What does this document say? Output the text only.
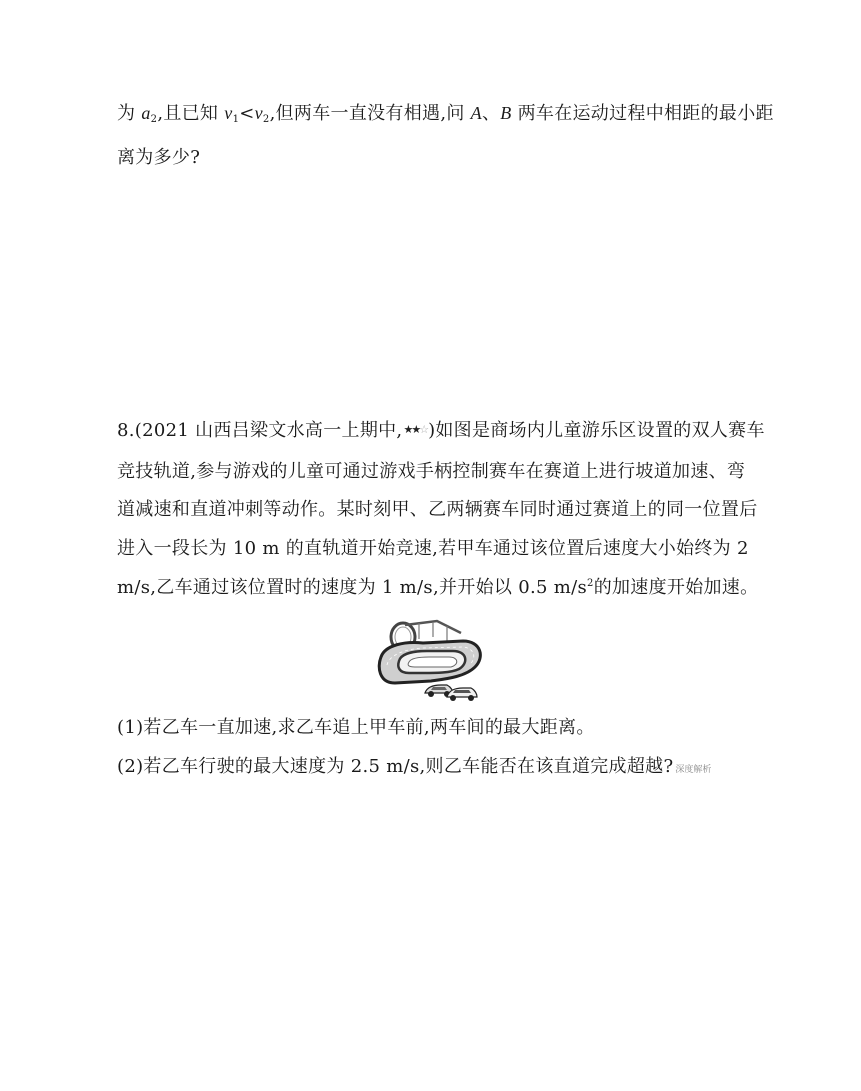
为 $a_2$,且已知 $v_1<v_2$,但两车一直没有相遇,问 A、B 两车在运动过程中相距的最小距
离为多少?
8.(2021 山西吕梁文水高一上期中,★★☆)如图是商场内儿童游乐区设置的双人赛车
竞技轨道,参与游戏的儿童可通过游戏手柄控制赛车在赛道上进行坡道加速、弯
道减速和直道冲刺等动作。某时刻甲、乙两辆赛车同时通过赛道上的同一位置后
进入一段长为 10 m 的直轨道开始竞速,若甲车通过该位置后速度大小始终为 2
m/s,乙车通过该位置时的速度为 1 m/s,并开始以 0.5 $m/s^2$的加速度开始加速。
(1)若乙车一直加速,求乙车追上甲车前,两车间的最大距离。
(2)若乙车行驶的最大速度为 2.5 m/s,则乙车能否在该直道完成超越? 深度解析
